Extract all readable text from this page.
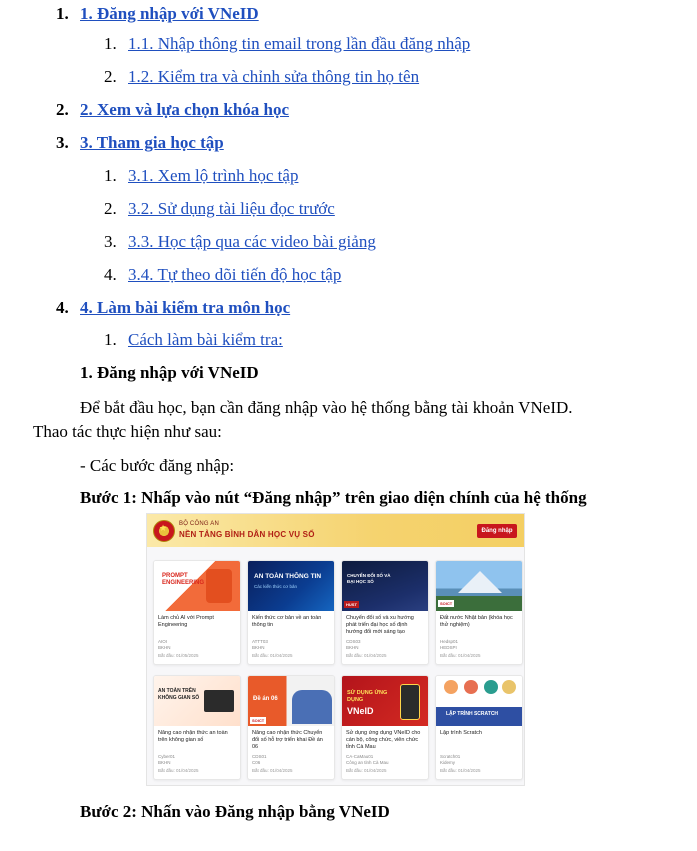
1. 1. Đăng nhập với VNeID
1. 1.1. Nhập thông tin email trong lần đầu đăng nhập
2. 1.2. Kiểm tra và chỉnh sửa thông tin họ tên
2. 2. Xem và lựa chọn khóa học
3. 3. Tham gia học tập
1. 3.1. Xem lộ trình học tập
2. 3.2. Sử dụng tài liệu đọc trước
3. 3.3. Học tập qua các video bài giảng
4. 3.4. Tự theo dõi tiến độ học tập
4. 4. Làm bài kiểm tra môn học
1. Cách làm bài kiểm tra:
1. Đăng nhập với VNeID
Để bắt đầu học, bạn cần đăng nhập vào hệ thống bằng tài khoản VNeID.
Thao tác thực hiện như sau:
- Các bước đăng nhập:
Bước 1: Nhấp vào nút “Đăng nhập” trên giao diện chính của hệ thống
★
BỘ CÔNG AN
NỀN TẢNG BÌNH DÂN HỌC VỤ SỐ	Đăng nhập
PROMPT ENGINEERING
Làm chủ AI với Prompt Engineering
AIOI
BKHN
Bắt đầu: 01/05/2025
AN TOÀN THÔNG TIN
Các kiến thức cơ bản
Kiến thức cơ bản về an toàn thông tin
ATTT03
BKHN
Bắt đầu: 01/04/2025
CHUYỂN ĐỔI SỐ VÀ ĐẠI HỌC SỐ
HUST
Chuyển đổi số và xu hướng phát triển đại học số định hướng đổi mới sáng tạo
CDS03
BKHN
Bắt đầu: 01/04/2025
SOICT
Đất nước Nhật bản (khóa học thử nghiệm)
Hedsp01
HEDSPI
Bắt đầu: 01/04/2025
AN TOÀN TRÊN KHÔNG GIAN SỐ
Nâng cao nhận thức an toàn trên không gian số
Cyber01
BKHN
Bắt đầu: 01/04/2025
Đề án 06
SOICT
Nâng cao nhận thức Chuyển đổi số hỗ trợ triển khai Đề án 06
CDS01
C06
Bắt đầu: 01/04/2025
SỬ DỤNG ỨNG DỤNG
VNeID
Sử dụng ứng dụng VNeID cho cán bộ, công chức, viên chức tỉnh Cà Mau
CA-CaMau01
Công an tỉnh Cà Mau
Bắt đầu: 01/04/2025
LẬP TRÌNH SCRATCH
Lập trình Scratch
Scratch01
Kidemy
Bắt đầu: 01/04/2025
Bước 2: Nhấn vào Đăng nhập bằng VNeID
